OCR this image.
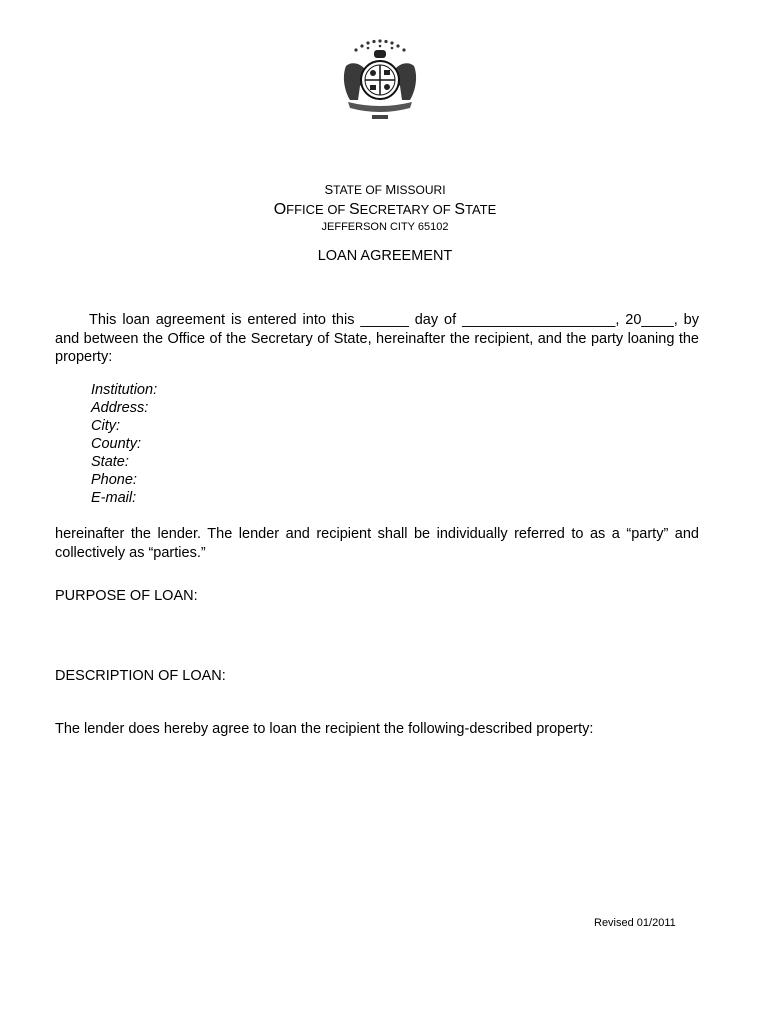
STATE OF MISSOURI
OFFICE OF SECRETARY OF STATE
JEFFERSON CITY 65102
LOAN AGREEMENT
This loan agreement is entered into this ______ day of ___________________, 20____, by and between the Office of the Secretary of State, hereinafter the recipient, and the party loaning the property:
Institution:
Address:
City:
County:
State:
Phone:
E-mail:
hereinafter the lender. The lender and recipient shall be individually referred to as a “party” and collectively as “parties.”
PURPOSE OF LOAN:
DESCRIPTION OF LOAN:
The lender does hereby agree to loan the recipient the following-described property:
Revised 01/2011
